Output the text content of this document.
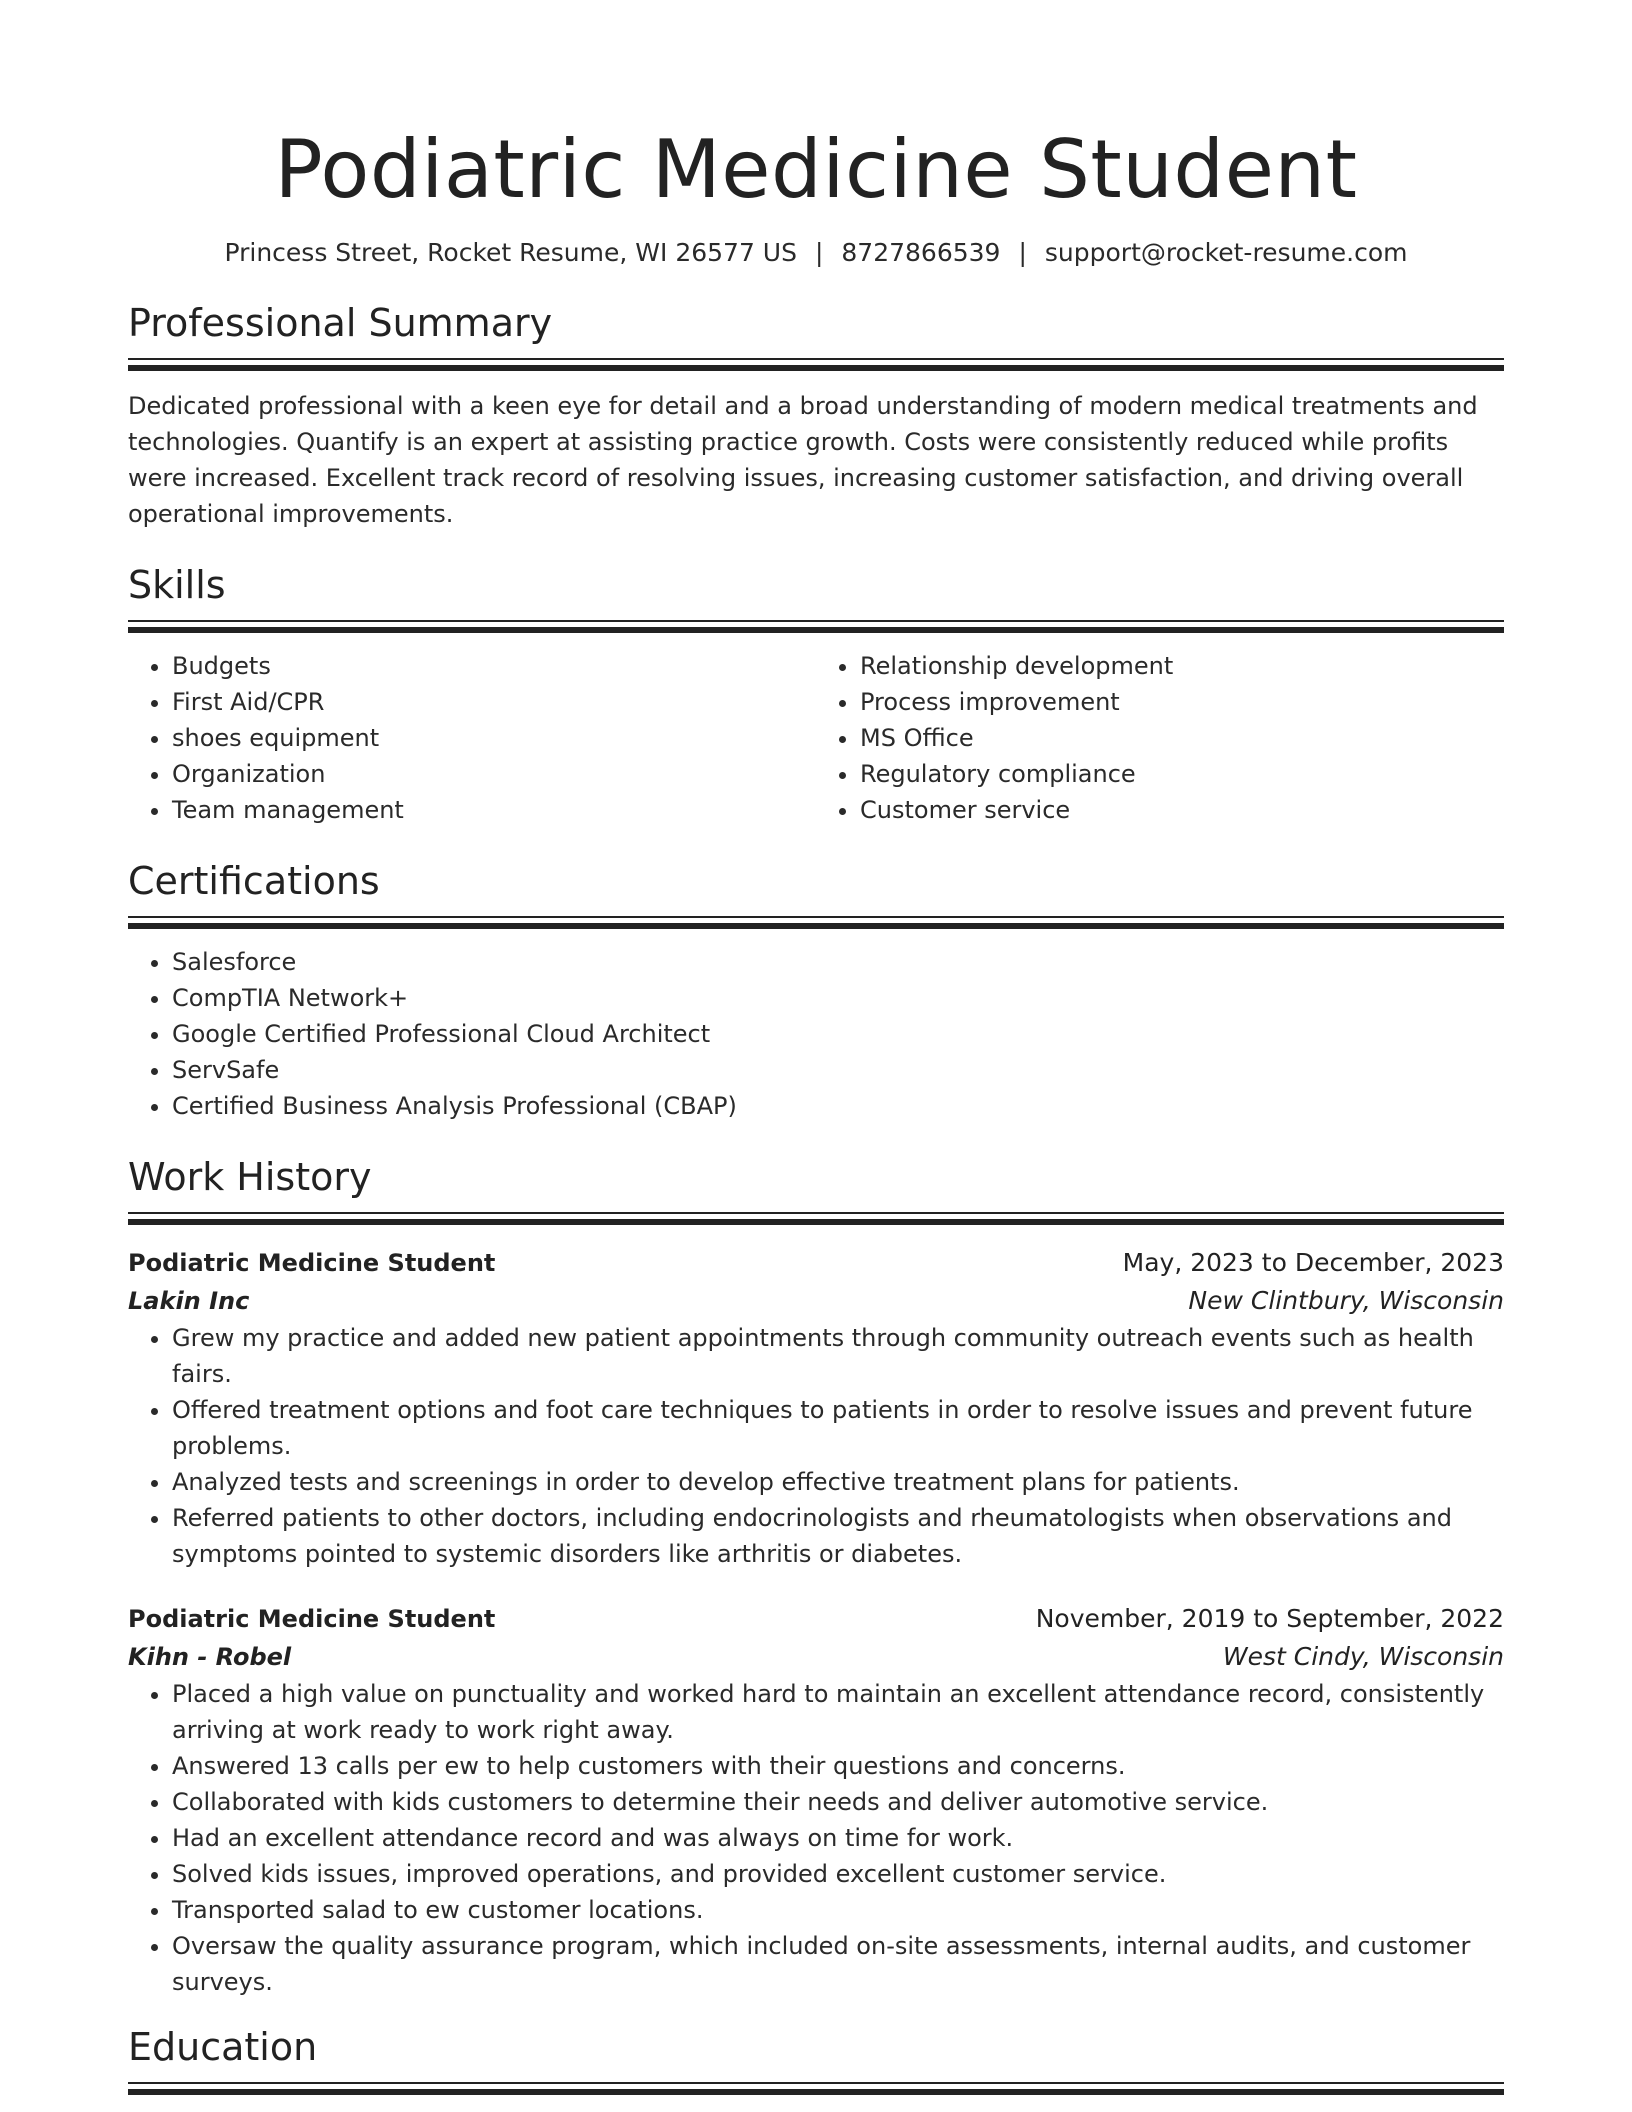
Podiatric Medicine Student
Princess Street, Rocket Resume, WI 26577 US | 8727866539 | support@rocket-resume.com
Professional Summary

Dedicated professional with a keen eye for detail and a broad understanding of modern medical treatments and technologies. Quantify is an expert at assisting practice growth. Costs were consistently reduced while profits were increased. Excellent track record of resolving issues, increasing customer satisfaction, and driving overall operational improvements.

Skills
• Budgets
• First Aid/CPR
• shoes equipment
• Organization
• Team management
• Relationship development
• Process improvement
• MS Office
• Regulatory compliance
• Customer service
Certifications
• Salesforce
• CompTIA Network+
• Google Certified Professional Cloud Architect
• ServSafe
• Certified Business Analysis Professional (CBAP)
Work History
Podiatric Medicine Student	May, 2023 to December, 2023
Lakin Inc	New Clintbury, Wisconsin
• Grew my practice and added new patient appointments through community outreach events such as health fairs.
• Offered treatment options and foot care techniques to patients in order to resolve issues and prevent future problems.
• Analyzed tests and screenings in order to develop effective treatment plans for patients.
• Referred patients to other doctors, including endocrinologists and rheumatologists when observations and symptoms pointed to systemic disorders like arthritis or diabetes.
Podiatric Medicine Student	November, 2019 to September, 2022
Kihn - Robel	West Cindy, Wisconsin
• Placed a high value on punctuality and worked hard to maintain an excellent attendance record, consistently arriving at work ready to work right away.
• Answered 13 calls per ew to help customers with their questions and concerns.
• Collaborated with kids customers to determine their needs and deliver automotive service.
• Had an excellent attendance record and was always on time for work.
• Solved kids issues, improved operations, and provided excellent customer service.
• Transported salad to ew customer locations.
• Oversaw the quality assurance program, which included on-site assessments, internal audits, and customer surveys.
Education
